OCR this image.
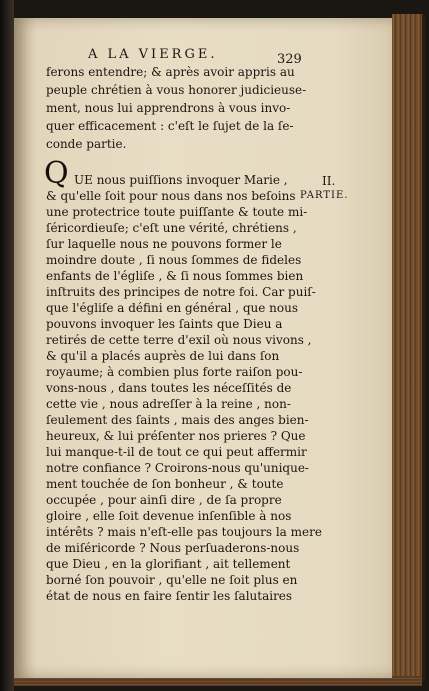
A LA VIERGE.	329
ferons entendre; & après avoir appris au
peuple chrétien à vous honorer judicieuse-
ment, nous lui apprendrons à vous invo-
quer efficacement : c'eſt le ſujet de la ſe-
conde partie.
Q UE nous puiſſions invoquer Marie ,	II.
PARTIE.
& qu'elle ſoit pour nous dans nos beſoins
une protectrice toute puiſſante & toute mi-
ſéricordieuſe; c'eſt une vérité, chrétiens ,
ſur laquelle nous ne pouvons former le
moindre doute , ſi nous ſommes de fideles
enfants de l'égliſe , & ſi nous ſommes bien
inſtruits des principes de notre foi. Car puiſ-
que l'égliſe a défini en général , que nous
pouvons invoquer les ſaints que Dieu a
retirés de cette terre d'exil où nous vivons ,
& qu'il a placés auprès de lui dans ſon
royaume; à combien plus forte raiſon pou-
vons-nous , dans toutes les néceſſités de
cette vie , nous adreſſer à la reine , non-
ſeulement des ſaints , mais des anges bien-
heureux, & lui préſenter nos prieres ? Que
lui manque-t-il de tout ce qui peut affermir
notre confiance ? Croirons-nous qu'unique-
ment touchée de ſon bonheur , & toute
occupée , pour ainſi dire , de ſa propre
gloire , elle ſoit devenue inſenſible à nos
intérêts ? mais n'eſt-elle pas toujours la mere
de miſéricorde ? Nous perſuaderons-nous
que Dieu , en la glorifiant , ait tellement
borné ſon pouvoir , qu'elle ne ſoit plus en
état de nous en faire ſentir les ſalutaires
